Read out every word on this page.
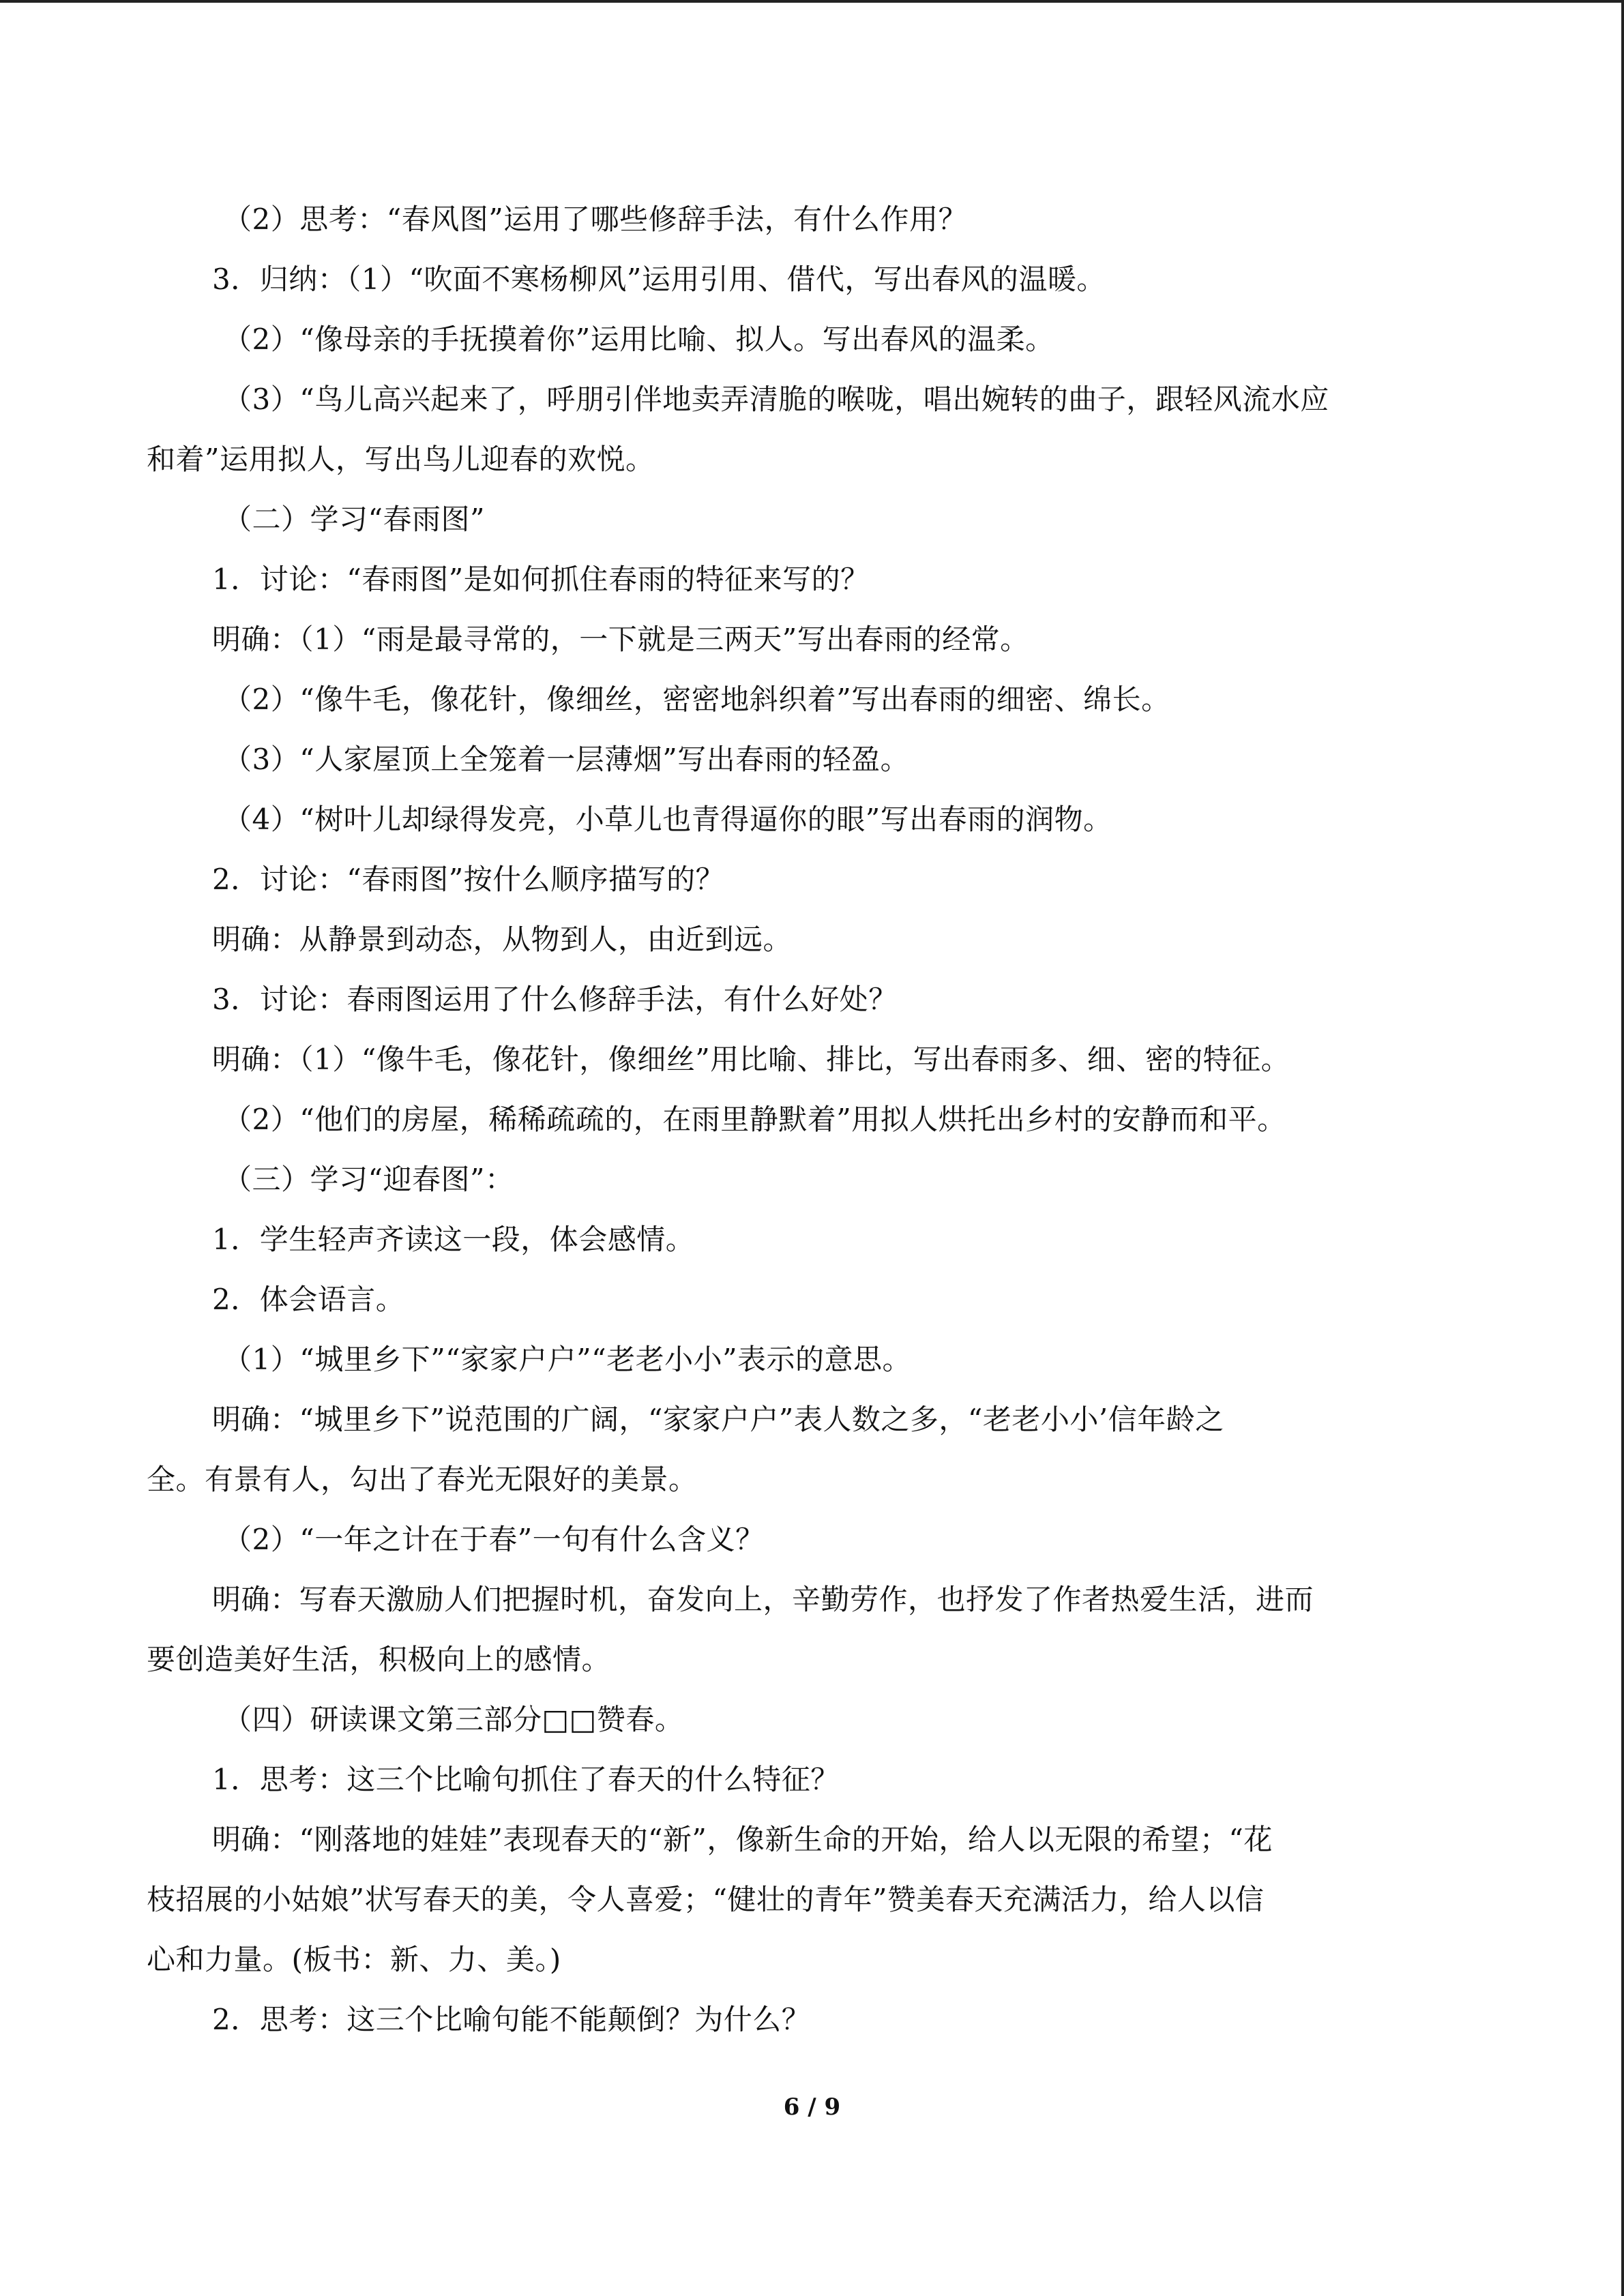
（2）思考：“春风图”运用了哪些修辞手法，有什么作用？
3．归纳：（1）“吹面不寒杨柳风”运用引用、借代，写出春风的温暖。
（2）“像母亲的手抚摸着你”运用比喻、拟人。写出春风的温柔。
（3）“鸟儿高兴起来了，呼朋引伴地卖弄清脆的喉咙，唱出婉转的曲子，跟轻风流水应
和着”运用拟人，写出鸟儿迎春的欢悦。
（二）学习“春雨图”
1．讨论：“春雨图”是如何抓住春雨的特征来写的？
明确：（1）“雨是最寻常的，一下就是三两天”写出春雨的经常。
（2）“像牛毛，像花针，像细丝，密密地斜织着”写出春雨的细密、绵长。
（3）“人家屋顶上全笼着一层薄烟”写出春雨的轻盈。
（4）“树叶儿却绿得发亮，小草儿也青得逼你的眼”写出春雨的润物。
2．讨论：“春雨图”按什么顺序描写的？
明确：从静景到动态，从物到人，由近到远。
3．讨论：春雨图运用了什么修辞手法，有什么好处？
明确：（1）“像牛毛，像花针，像细丝”用比喻、排比，写出春雨多、细、密的特征。
（2）“他们的房屋，稀稀疏疏的，在雨里静默着”用拟人烘托出乡村的安静而和平。
（三）学习“迎春图”：
1．学生轻声齐读这一段，体会感情。
2．体会语言。
（1）“城里乡下”“家家户户”“老老小小”表示的意思。
明确：“城里乡下”说范围的广阔，“家家户户”表人数之多，“老老小小’信年龄之
全。有景有人，勾出了春光无限好的美景。
（2）“一年之计在于春”一句有什么含义？
明确：写春天激励人们把握时机，奋发向上，辛勤劳作，也抒发了作者热爱生活，进而
要创造美好生活，积极向上的感情。
（四）研读课文第三部分□□赞春。
1．思考：这三个比喻句抓住了春天的什么特征？
明确：“刚落地的娃娃”表现春天的“新”，像新生命的开始，给人以无限的希望；“花
枝招展的小姑娘”状写春天的美，令人喜爱；“健壮的青年”赞美春天充满活力，给人以信
心和力量。(板书：新、力、美。)
2．思考：这三个比喻句能不能颠倒？为什么？
6 / 9
